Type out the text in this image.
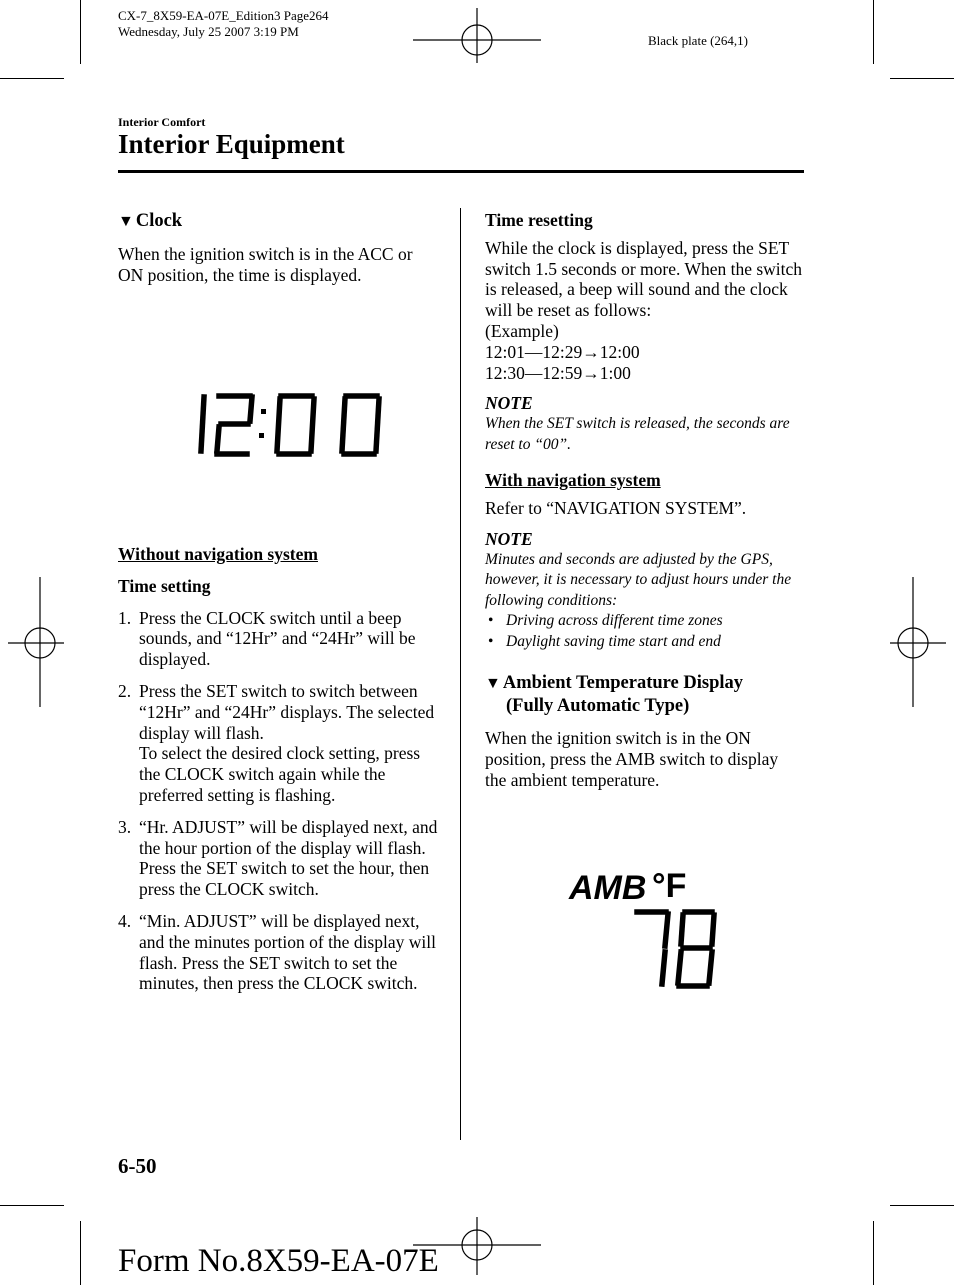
CX-7_8X59-EA-07E_Edition3 Page264
Wednesday, July 25 2007 3:19 PM
Black plate (264,1)
Interior Comfort
Interior Equipment
▼ Clock

When the ignition switch is in the ACC or ON position, the time is displayed.

Without navigation system
Time setting
1. Press the CLOCK switch until a beep sounds, and “12Hr” and “24Hr” will be displayed.
2. Press the SET switch to switch between “12Hr” and “24Hr” displays. The selected display will flash.
To select the desired clock setting, press the CLOCK switch again while the preferred setting is flashing.
3. “Hr. ADJUST” will be displayed next, and the hour portion of the display will flash. Press the SET switch to set the hour, then press the CLOCK switch.
4. “Min. ADJUST” will be displayed next, and the minutes portion of the display will flash. Press the SET switch to set the minutes, then press the CLOCK switch.
Time resetting

While the clock is displayed, press the SET switch 1.5 seconds or more. When the switch is released, a beep will sound and the clock will be reset as follows:

(Example)

12:01―12:29→12:00

12:30―12:59→1:00

NOTE

When the SET switch is released, the seconds are reset to “00”.

With navigation system

Refer to “NAVIGATION SYSTEM”.

NOTE

Minutes and seconds are adjusted by the GPS, however, it is necessary to adjust hours under the following conditions:

• Driving across different time zones
• Daylight saving time start and end
▼ Ambient Temperature Display
(Fully Automatic Type)

When the ignition switch is in the ON position, press the AMB switch to display the ambient temperature.

AMB °F
6-50
Form No.8X59-EA-07E
